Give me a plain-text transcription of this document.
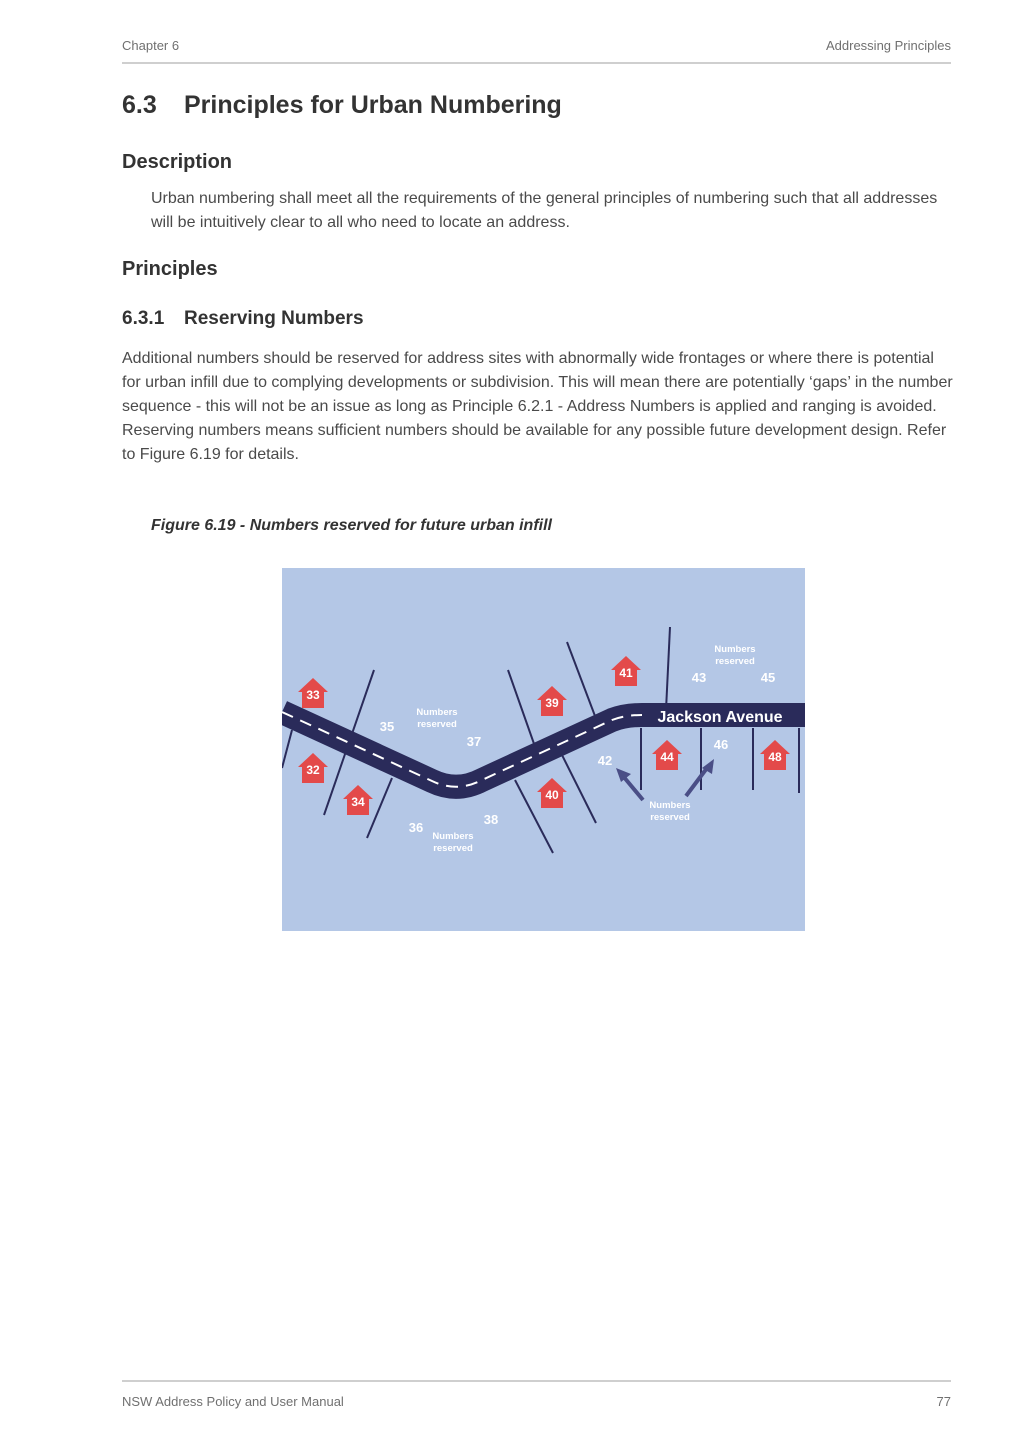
Chapter 6	Addressing Principles
6.3 Principles for Urban Numbering
Description

Urban numbering shall meet all the requirements of the general principles of numbering such that all addresses will be intuitively clear to all who need to locate an address.

Principles
6.3.1 Reserving Numbers

Additional numbers should be reserved for address sites with abnormally wide frontages or where there is potential for urban infill due to complying developments or subdivision. This will mean there are potentially ‘gaps’ in the number sequence - this will not be an issue as long as Principle 6.2.1 - Address Numbers is applied and ranging is avoided. Reserving numbers means sufficient numbers should be available for any possible future development design. Refer to Figure 6.19 for details.

Figure 6.19 - Numbers reserved for future urban infill
Jackson Avenue
33
32
34
39
40
41
44	48
35
37
36
38
42
43	45
46
Numbers
reserved
Numbers
reserved
Numbers
reserved
Numbers
reserved
NSW Address Policy and User Manual	77
